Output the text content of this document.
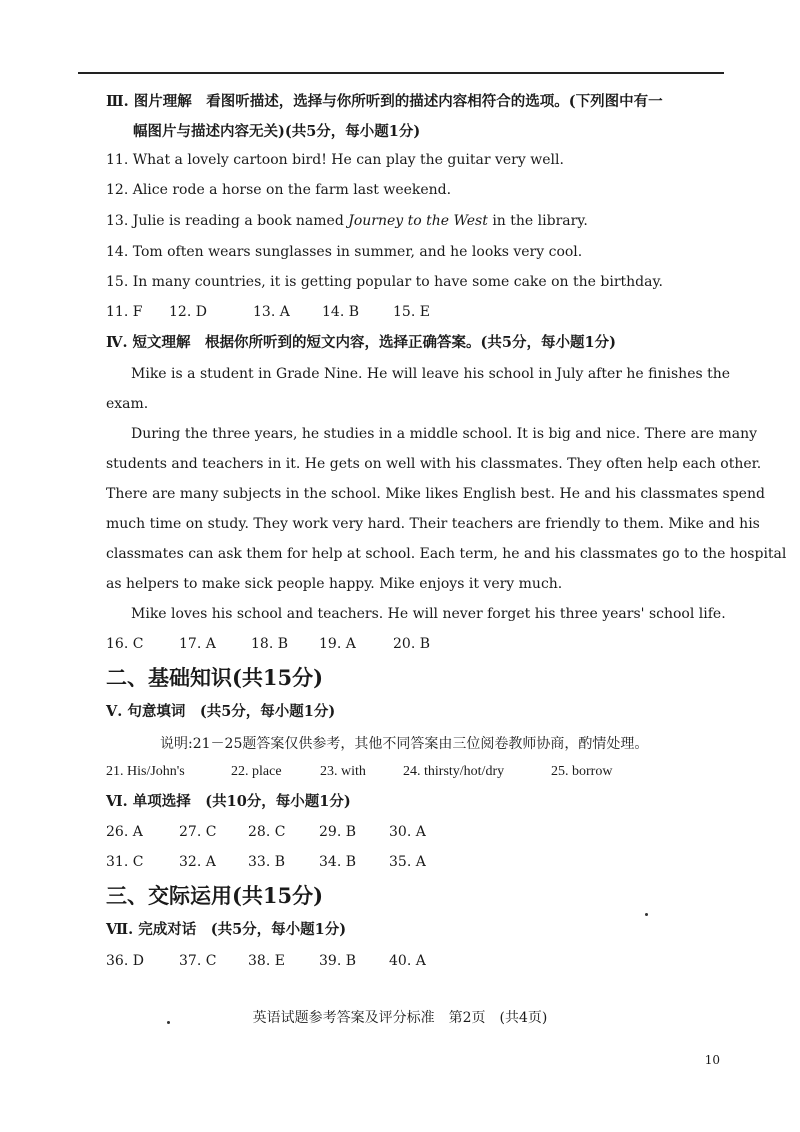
Ⅲ. 图片理解　看图听描述，选择与你所听到的描述内容相符合的选项。(下列图中有一
幅图片与描述内容无关)(共5分，每小题1分)
11. What a lovely cartoon bird! He can play the guitar very well.
12. Alice rode a horse on the farm last weekend.
13. Julie is reading a book named Journey to the West in the library.
14. Tom often wears sunglasses in summer, and he looks very cool.
15. In many countries, it is getting popular to have some cake on the birthday.
11. F 12. D	13. A 14. B 15. E
Ⅳ. 短文理解　根据你所听到的短文内容，选择正确答案。(共5分，每小题1分)
Mike is a student in Grade Nine. He will leave his school in July after he finishes the
exam.
During the three years, he studies in a middle school. It is big and nice. There are many
students and teachers in it. He gets on well with his classmates. They often help each other.
There are many subjects in the school. Mike likes English best. He and his classmates spend
much time on study. They work very hard. Their teachers are friendly to them. Mike and his
classmates can ask them for help at school. Each term, he and his classmates go to the hospital
as helpers to make sick people happy. Mike enjoys it very much.
Mike loves his school and teachers. He will never forget his three years' school life.
16. C	17. A	18. B 19. A	20. B
二、基础知识(共15分)
Ⅴ. 句意填词　(共5分，每小题1分)
说明:21－25题答案仅供参考，其他不同答案由三位阅卷教师协商，酌情处理。
21. His/John's	22. place	23. with	24. thirsty/hot/dry	25. borrow
Ⅵ. 单项选择　(共10分，每小题1分)
26. A	27. C 28. C 29. B 30. A
31. C	32. A 33. B 34. B 35. A
三、交际运用(共15分)
Ⅶ. 完成对话　(共5分，每小题1分)
36. D	37. C 38. E 39. B 40. A
英语试题参考答案及评分标准　第2页　(共4页)
10
